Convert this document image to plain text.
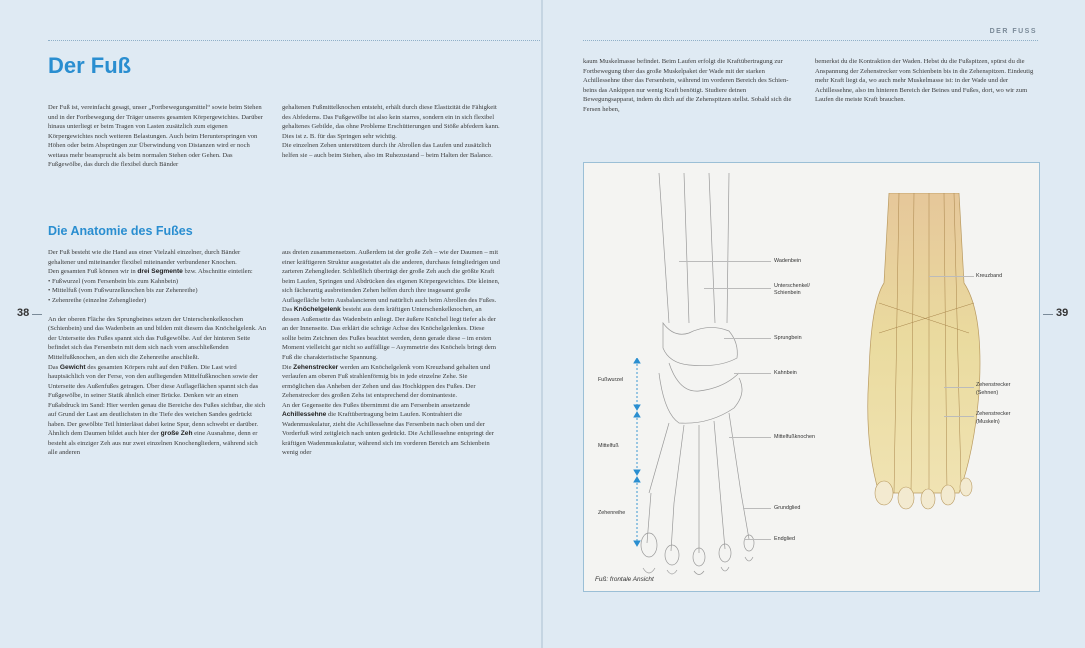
DER FUSS
38	39
Der Fuß

Der Fuß ist, vereinfacht gesagt, unser „Fortbewegungsmittel“ sowie beim Stehen und in der Fortbewegung der Träger unseres gesamten Körpergewichtes. Darüber hinaus unterliegt er beim Tragen von Lasten zusätzlich zum eigenen Körpergewichtes noch weiteren Belastungen. Auch beim Herunterspringen von Höhen oder beim Absprüngen zur Überwindung von Distanzen wird er noch weitaus mehr beansprucht als beim normalen Stehen oder Gehen. Das Fußgewölbe, das durch die flexibel durch Bänder

gehaltenen Fußmittelknochen entsteht, erhält durch diese Elastizität die Fähigkeit des Abfederns. Das Fußgewölbe ist also kein starres, sondern ein in sich flexibel gehaltenes Gebilde, das ohne Probleme Erschütterungen und Stöße abfedern kann. Dies ist z. B. für das Springen sehr wichtig.

Die einzelnen Zehen unterstützen durch ihr Abrollen das Laufen und zusätzlich helfen sie – auch beim Stehen, also im Ruhezustand – beim Halten der Balance.

Die Anatomie des Fußes

Der Fuß besteht wie die Hand aus einer Vielzahl einzelner, durch Bänder gehaltener und miteinander flexibel miteinander verbundener Knochen.

Den gesamten Fuß können wir in drei Segmente bzw. Abschnitte einteilen:

• Fußwurzel (vom Fersenbein bis zum Kahnbein)

• Mittelfuß (vom Fußwurzelknochen bis zur Zehenreihe)

• Zehenreihe (einzelne Zehenglieder)

An der oberen Fläche des Sprungbeines setzen der Unterschenkelknochen (Schienbein) und das Wadenbein an und bilden mit diesem das Knöchelgelenk. An der Unterseite des Fußes spannt sich das Fußgewölbe. Auf der hinteren Seite befindet sich das Fersenbein mit dem sich nach vorn anschließenden Mittelfußknochen, an den sich die Zehenreihe anschließt.

Das Gewicht des gesamten Körpers ruht auf den Füßen. Die Last wird hauptsächlich von der Ferse, von den aufliegenden Mittelfußknochen sowie der Unterseite des Außenfußes getragen. Über diese Auflageflächen spannt sich das Fußgewölbe, in seiner Statik ähnlich einer Brücke. Denken wir an einen Fußabdruck im Sand: Hier werden genau die Bereiche des Fußes sichtbar, die sich auf Grund der Last am deutlichsten in die Tiefe des weichen Sandes gedrückt haben. Der gewölbte Teil hinterlässt dabei keine Spur, denn schwebt er darüber.

Ähnlich dem Daumen bildet auch hier der große Zeh eine Ausnahme, denn er besteht als einziger Zeh aus nur zwei einzelnen Knochengliedern, während sich alle anderen

aus dreien zusammensetzen. Außerdem ist der große Zeh – wie der Daumen – mit einer kräftigeren Struktur ausgestattet als die anderen, durchaus feingliedrigen und zarteren Zehenglieder. Schließlich überträgt der große Zeh auch die größte Kraft beim Laufen, Springen und Abdrücken des eigenen Körpergewichtes. Die kleinen, sich fächerartig ausbreitenden Zehen helfen durch ihre insgesamt große Auflagefläche beim Ausbalancieren und natürlich auch beim Abrollen des Fußes.

Das Knöchelgelenk besteht aus dem kräftigen Unterschenkelknochen, an dessen Außenseite das Wadenbein anliegt. Der äußere Knöchel liegt tiefer als der an der Innenseite. Das erklärt die schräge Achse des Knöchelgelenkes. Diese sollte beim Zeichnen des Fußes beachtet werden, denn gerade diese – im ersten Moment vielleicht gar nicht so auffällige – Asymmetrie des Knöchels bringt dem Fuß die charakteristische Spannung.

Die Zehenstrecker werden am Knöchelgelenk vom Kreuzband gehalten und verlaufen am oberen Fuß strahlenförmig bis in jede einzelne Zehe. Sie ermöglichen das Anheben der Zehen und das Hochkippen des Fußes. Der Zehenstrecker des großen Zehs ist entsprechend der dominanteste.

An der Gegenseite des Fußes übernimmt die am Fersenbein ansetzende Achillessehne die Kraftübertragung beim Laufen. Kontrahiert die Wadenmuskulatur, zieht die Achillessehne das Fersenbein nach oben und der Vorderfuß wird zeitgleich nach unten gedrückt. Die Achillessehne entspringt der kräftigen Wadenmuskulatur, während sich im vorderen Bereich am Schienbein wenig oder

kaum Muskelmasse befindet. Beim Laufen erfolgt die Kraftübertragung zur Fortbewegung über das große Muskelpaket der Wade mit der starken Achillessehne über das Fersenbein, während im vorderen Bereich des Schienbeins das Ankippen nur wenig Kraft benötigt. Studiere deinen Bewegungsapparat, indem du dich auf die Zehenspitzen stellst. Sobald sich die Fersen heben,

bemerkst du die Kontraktion der Waden. Hebst du die Fußspitzen, spürst du die Anspannung der Zehenstrecker vom Schienbein bis in die Zehenspitzen. Eindeutig mehr Kraft liegt da, wo auch mehr Muskelmasse ist: in der Wade und der Achillessehne, also im hinteren Bereich der Beines und Fußes, dort, wo wir zum Laufen die meiste Kraft brauchen.

Fußwurzel
Mittelfuß
Zehenreihe
Wadenbein
Unterschenkel/ Schienbein
Sprungbein
Kahnbein
Mittelfußknochen
Grundglied
Endglied
Kreuzband
Zehenstrecker (Sehnen)
Zehenstrecker (Muskeln)
Fuß: frontale Ansicht
